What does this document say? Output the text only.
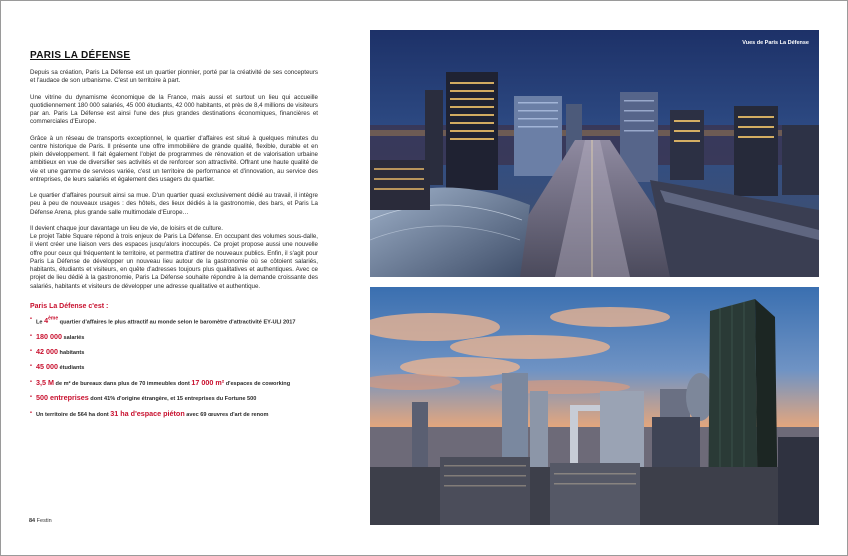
PARIS LA DÉFENSE

Depuis sa création, Paris La Défense est un quartier pionnier, porté par la créativité de ses concepteurs et l'audace de son urbanisme. C'est un territoire à part.

Une vitrine du dynamisme économique de la France, mais aussi et surtout un lieu qui accueille quotidiennement 180 000 salariés, 45 000 étudiants, 42 000 habitants, et près de 8,4 millions de visiteurs par an. Paris La Défense est ainsi l'une des plus grandes destinations économiques, financières et commerciales d'Europe.

Grâce à un réseau de transports exceptionnel, le quartier d'affaires est situé à quelques minutes du centre historique de Paris. Il présente une offre immobilière de grande qualité, flexible, durable et en plein développement. Il fait également l'objet de programmes de rénovation et de valorisation urbaine ambitieux en vue de diversifier ses activités et de renforcer son attractivité. Offrant une haute qualité de vie et une gamme de services variée, c'est un territoire de performance et d'innovation, au service des entreprises, de leurs salariés et également des usagers du quartier.

Le quartier d'affaires poursuit ainsi sa mue. D'un quartier quasi exclusivement dédié au travail, il intègre peu à peu de nouveaux usages : des hôtels, des lieux dédiés à la gastronomie, des bars, et Paris La Défense Arena, plus grande salle multimodale d'Europe…

Il devient chaque jour davantage un lieu de vie, de loisirs et de culture.

Le projet Table Square répond à trois enjeux de Paris La Défense. En occupant des volumes sous-dalle, il vient créer une liaison vers des espaces jusqu'alors inoccupés. Ce projet propose aussi une nouvelle offre pour ceux qui fréquentent le territoire, et permettra d'attirer de nouveaux publics. Enfin, il s'agit pour Paris La Défense de développer un nouveau lieu autour de la gastronomie où se côtoient salariés, habitants, étudiants et visiteurs, en quête d'adresses toujours plus qualitatives et authentiques. Avec ce projet de lieu dédié à la gastronomie, Paris La Défense souhaite répondre à la demande croissante des salariés, habitants et visiteurs de développer une adresse qualitative et authentique.

Paris La Défense c'est :
• Le 4ème quartier d'affaires le plus attractif au monde selon le baromètre d'attractivité EY-ULI 2017
• 180 000 salariés
• 42 000 habitants
• 45 000 étudiants
• 3,5 M de m² de bureaux dans plus de 70 immeubles dont 17 000 m² d'espaces de coworking
• 500 entreprises dont 41% d'origine étrangère, et 15 entreprises du Fortune 500
• Un territoire de 564 ha dont 31 ha d'espace piéton avec 69 œuvres d'art de renom
84 Festin
Vues de Paris La Défense
